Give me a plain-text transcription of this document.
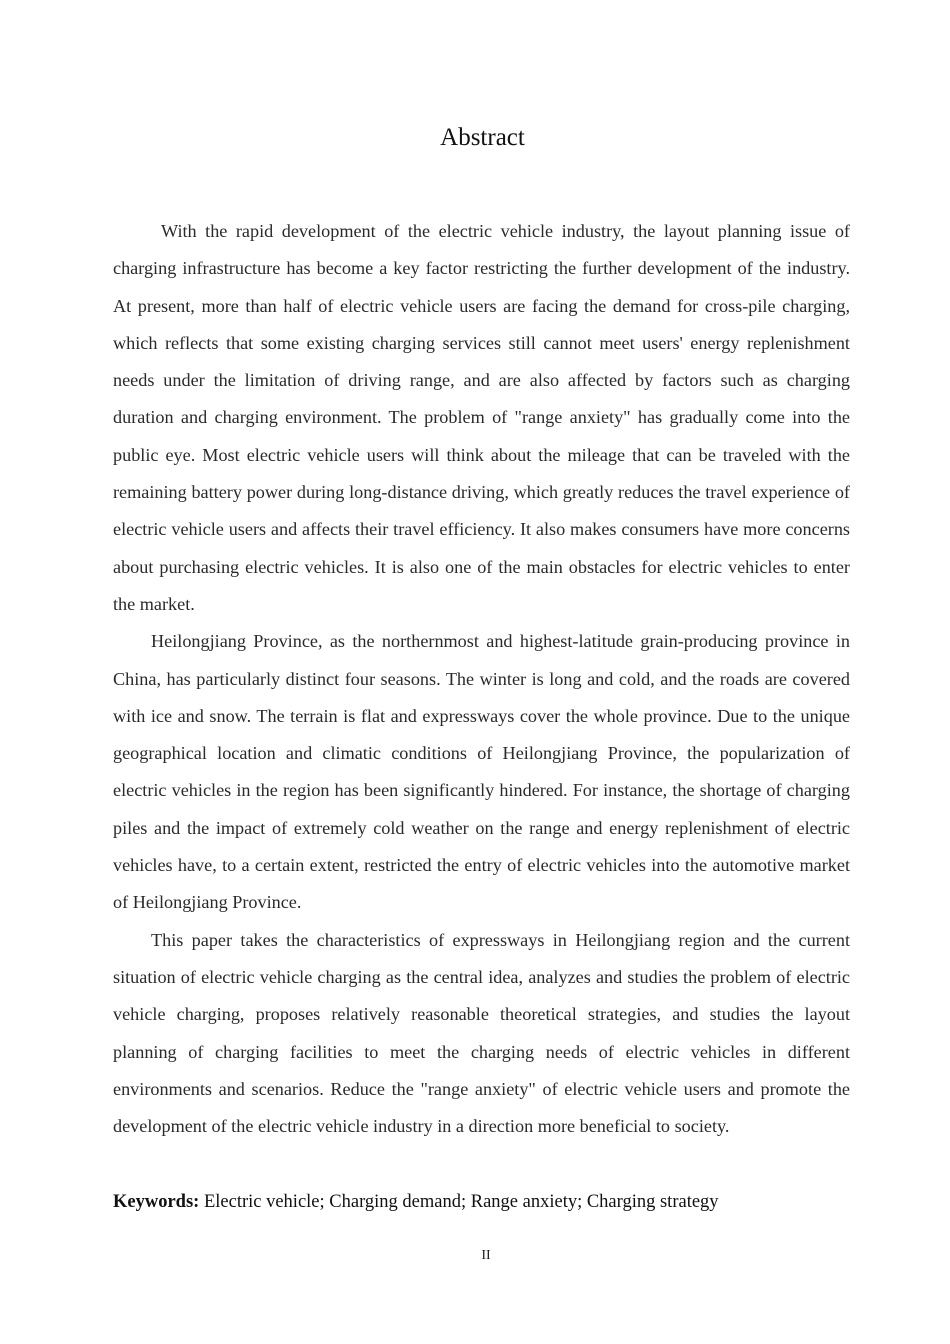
Abstract

With the rapid development of the electric vehicle industry, the layout planning issue of charging infrastructure has become a key factor restricting the further development of the industry. At present, more than half of electric vehicle users are facing the demand for cross-pile charging, which reflects that some existing charging services still cannot meet users' energy replenishment needs under the limitation of driving range, and are also affected by factors such as charging duration and charging environment. The problem of "range anxiety" has gradually come into the public eye. Most electric vehicle users will think about the mileage that can be traveled with the remaining battery power during long-distance driving, which greatly reduces the travel experience of electric vehicle users and affects their travel efficiency. It also makes consumers have more concerns about purchasing electric vehicles. It is also one of the main obstacles for electric vehicles to enter the market.

Heilongjiang Province, as the northernmost and highest-latitude grain-producing province in China, has particularly distinct four seasons. The winter is long and cold, and the roads are covered with ice and snow. The terrain is flat and expressways cover the whole province. Due to the unique geographical location and climatic conditions of Heilongjiang Province, the popularization of electric vehicles in the region has been significantly hindered. For instance, the shortage of charging piles and the impact of extremely cold weather on the range and energy replenishment of electric vehicles have, to a certain extent, restricted the entry of electric vehicles into the automotive market of Heilongjiang Province.

This paper takes the characteristics of expressways in Heilongjiang region and the current situation of electric vehicle charging as the central idea, analyzes and studies the problem of electric vehicle charging, proposes relatively reasonable theoretical strategies, and studies the layout planning of charging facilities to meet the charging needs of electric vehicles in different environments and scenarios. Reduce the "range anxiety" of electric vehicle users and promote the development of the electric vehicle industry in a direction more beneficial to society.

Keywords: Electric vehicle; Charging demand; Range anxiety; Charging strategy

II
